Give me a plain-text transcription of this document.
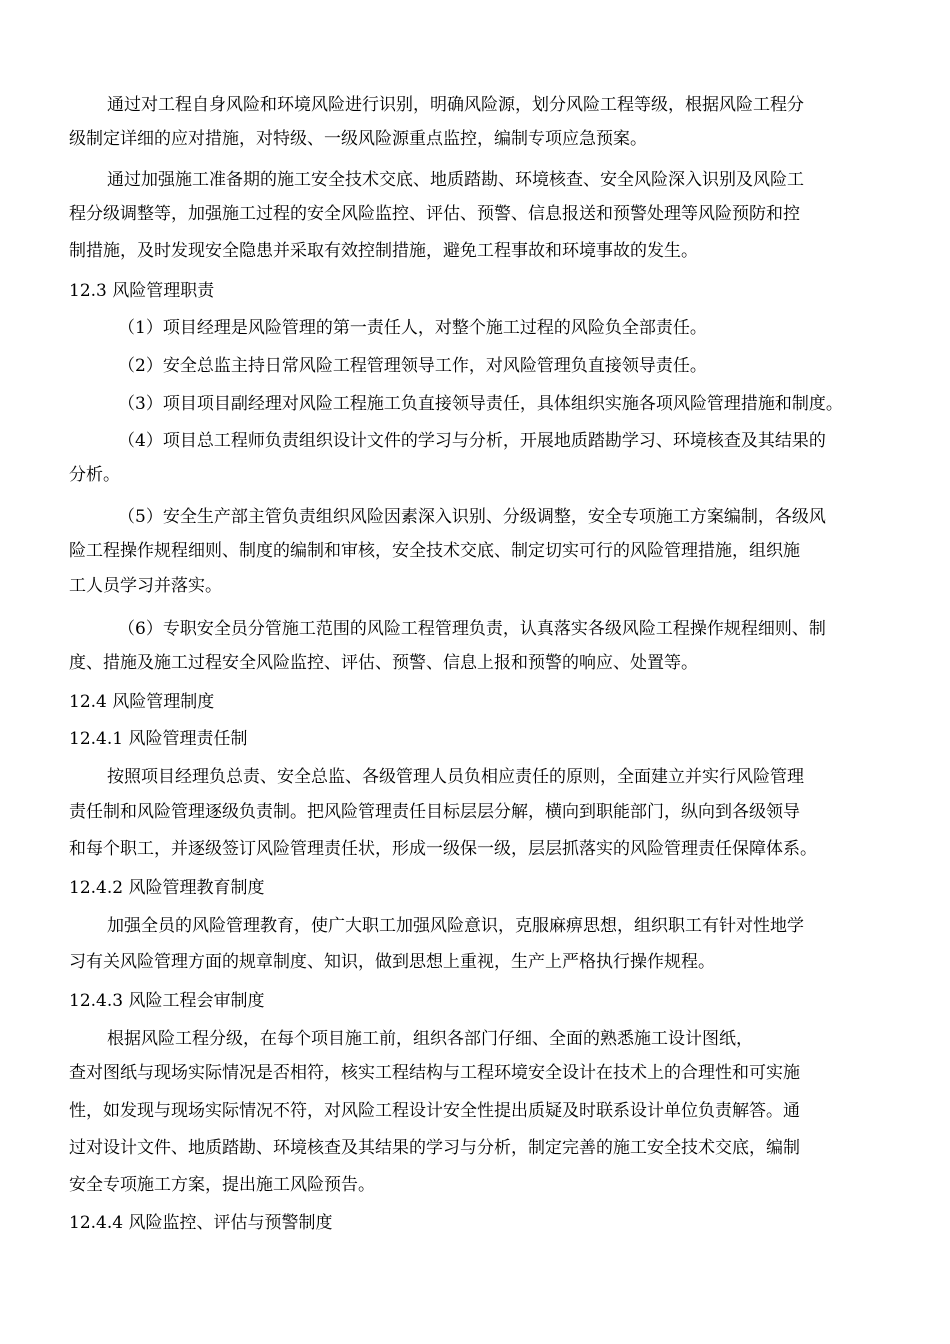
通过对工程自身风险和环境风险进行识别，明确风险源，划分风险工程等级，根据风险工程分
级制定详细的应对措施，对特级、一级风险源重点监控，编制专项应急预案。
通过加强施工准备期的施工安全技术交底、地质踏勘、环境核查、安全风险深入识别及风险工
程分级调整等，加强施工过程的安全风险监控、评估、预警、信息报送和预警处理等风险预防和控
制措施，及时发现安全隐患并采取有效控制措施，避免工程事故和环境事故的发生。
12.3 风险管理职责
（1）项目经理是风险管理的第一责任人，对整个施工过程的风险负全部责任。
（2）安全总监主持日常风险工程管理领导工作，对风险管理负直接领导责任。
（3）项目项目副经理对风险工程施工负直接领导责任，具体组织实施各项风险管理措施和制度。
（4）项目总工程师负责组织设计文件的学习与分析，开展地质踏勘学习、环境核查及其结果的
分析。
（5）安全生产部主管负责组织风险因素深入识别、分级调整，安全专项施工方案编制，各级风
险工程操作规程细则、制度的编制和审核，安全技术交底、制定切实可行的风险管理措施，组织施
工人员学习并落实。
（6）专职安全员分管施工范围的风险工程管理负责，认真落实各级风险工程操作规程细则、制
度、措施及施工过程安全风险监控、评估、预警、信息上报和预警的响应、处置等。
12.4 风险管理制度
12.4.1 风险管理责任制
按照项目经理负总责、安全总监、各级管理人员负相应责任的原则，全面建立并实行风险管理
责任制和风险管理逐级负责制。把风险管理责任目标层层分解，横向到职能部门，纵向到各级领导
和每个职工，并逐级签订风险管理责任状，形成一级保一级，层层抓落实的风险管理责任保障体系。
12.4.2 风险管理教育制度
加强全员的风险管理教育，使广大职工加强风险意识，克服麻痹思想，组织职工有针对性地学
习有关风险管理方面的规章制度、知识，做到思想上重视，生产上严格执行操作规程。
12.4.3 风险工程会审制度
根据风险工程分级，在每个项目施工前，组织各部门仔细、全面的熟悉施工设计图纸，
查对图纸与现场实际情况是否相符，核实工程结构与工程环境安全设计在技术上的合理性和可实施
性，如发现与现场实际情况不符，对风险工程设计安全性提出质疑及时联系设计单位负责解答。通
过对设计文件、地质踏勘、环境核查及其结果的学习与分析，制定完善的施工安全技术交底，编制
安全专项施工方案，提出施工风险预告。
12.4.4 风险监控、评估与预警制度
